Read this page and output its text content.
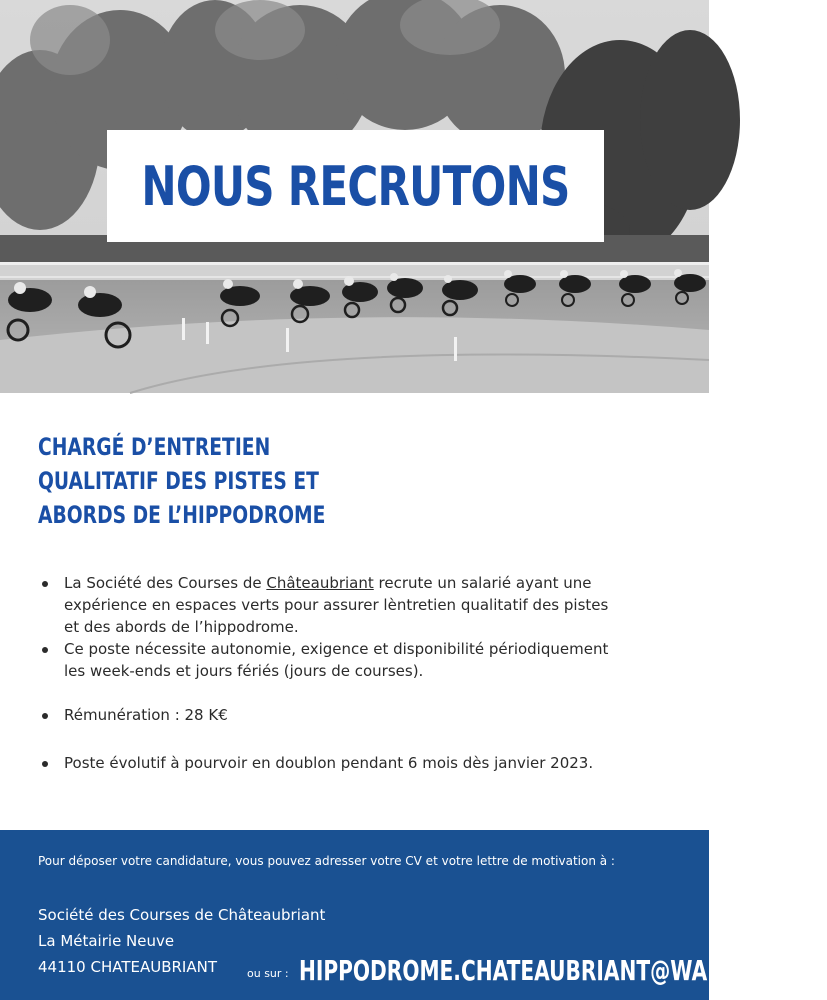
NOUS RECRUTONS
CHARGÉ D’ENTRETIEN
QUALITATIF DES PISTES ET
ABORDS DE L’HIPPODROME
La Société des Courses de Châteaubriant recrute un salarié ayant une expérience en espaces verts pour assurer lèntretien qualitatif des pistes et des abords de l’hippodrome.
Ce poste nécessite autonomie, exigence et disponibilité périodiquement les week-ends et jours fériés (jours de courses).
Rémunération : 28 K€
Poste évolutif à pourvoir en doublon pendant 6 mois dès janvier 2023.
Pour déposer votre candidature, vous pouvez adresser votre CV et votre lettre de motivation à :
Société des Courses de Châteaubriant
La Métairie Neuve
44110 CHATEAUBRIANT	ou sur : HIPPODROME.CHATEAUBRIANT@WANADOO.FR
